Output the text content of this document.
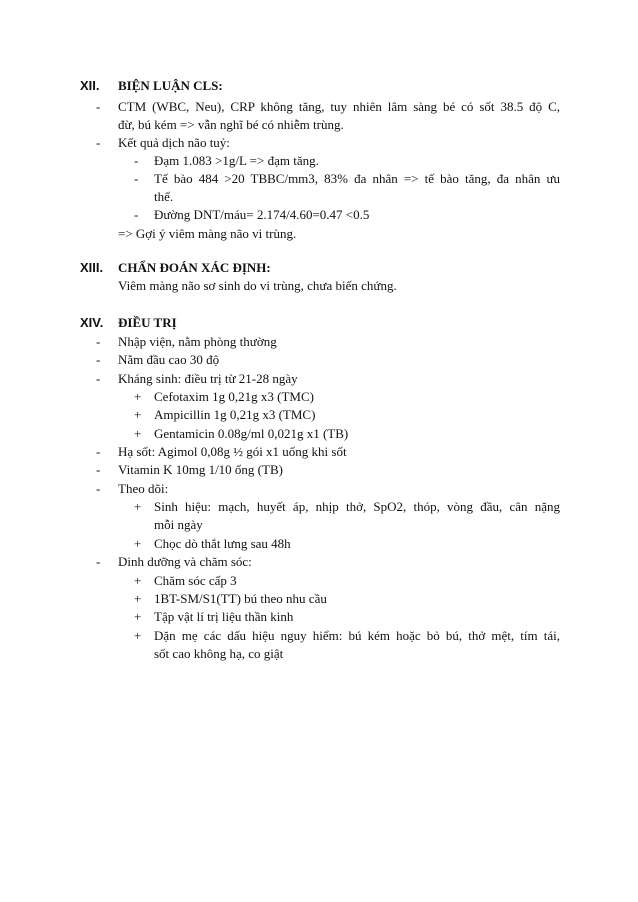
XII. BIỆN LUẬN CLS:
- CTM (WBC, Neu), CRP không tăng, tuy nhiên lâm sàng bé có sốt 38.5 độ C,
đừ, bú kém => vẫn nghĩ bé có nhiễm trùng.
- Kết quả dịch não tuỷ:
- Đạm 1.083 >1g/L => đạm tăng.
- Tế bào 484 >20 TBBC/mm3, 83% đa nhân => tế bào tăng, đa nhân ưu
thế.
- Đường DNT/máu= 2.174/4.60=0.47 <0.5
=> Gợi ý viêm màng não vi trùng.
XIII. CHẨN ĐOÁN XÁC ĐỊNH:
Viêm màng não sơ sinh do vi trùng, chưa biến chứng.
XIV. ĐIỀU TRỊ
- Nhập viện, nằm phòng thường
- Nằm đầu cao 30 độ
- Kháng sinh: điều trị từ 21-28 ngày
+ Cefotaxim 1g 0,21g x3 (TMC)
+ Ampicillin 1g 0,21g x3 (TMC)
+ Gentamicin 0.08g/ml 0,021g x1 (TB)
- Hạ sốt: Agimol 0,08g ½ gói x1 uống khi sốt
- Vitamin K 10mg 1/10 ống (TB)
- Theo dõi:
+ Sinh hiệu: mạch, huyết áp, nhịp thở, SpO2, thóp, vòng đầu, cân nặng
mỗi ngày
+ Chọc dò thắt lưng sau 48h
- Dinh dưỡng và chăm sóc:
+ Chăm sóc cấp 3
+ 1BT-SM/S1(TT) bú theo nhu cầu
+ Tập vật lí trị liệu thần kinh
+ Dặn mẹ các dấu hiệu nguy hiểm: bú kém hoặc bỏ bú, thở mệt, tím tái,
sốt cao không hạ, co giật
